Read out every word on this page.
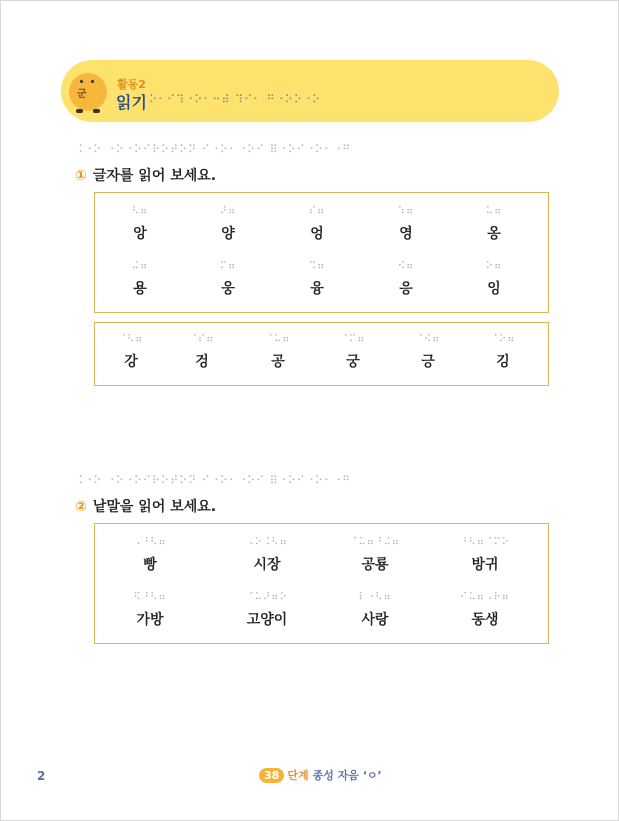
군
활동2
읽기 ⠕⠂⠊⠹⠐⠕⠂⠒⠾ ⠹⠊⠂ ⠛⠐⠕⠕⠐⠕
⠨⠐⠕ ⠐⠕⠐⠕⠊⠗⠕⠞⠕⠝ ⠊⠐⠕⠂⠐⠕⠊ ⠿⠐⠕⠊⠐⠕⠂⠐⠛
① 글자를 읽어 보세요.
⠣⠶
앙
⠜⠶
양
⠎⠶
엉
⠱⠶
영
⠥⠶
옹
⠬⠶
용
⠍⠶
웅
⠩⠶
융
⠪⠶
응
⠕⠶
잉
⠈⠣⠶
강
⠈⠎⠶
겅
⠈⠥⠶
공
⠈⠍⠶
궁
⠈⠪⠶
긍
⠈⠕⠶
깅
⠨⠐⠕ ⠐⠕⠐⠕⠊⠗⠕⠞⠕⠝ ⠊⠐⠕⠂⠐⠕⠊ ⠿⠐⠕⠊⠐⠕⠂⠐⠛
② 낱말을 읽어 보세요.
⠠⠘⠣⠶
빵
⠠⠕⠨⠣⠶
시장
⠈⠥⠶⠘⠬⠶
공룡
⠘⠣⠶⠈⠍⠕
방귀
⠫⠘⠣⠶
가방
⠈⠥⠜⠶⠕
고양이
⠇⠐⠣⠶
사랑
⠊⠥⠶⠠⠗⠶
동생
2	38 단계 종성 자음 ‘ㅇ’
